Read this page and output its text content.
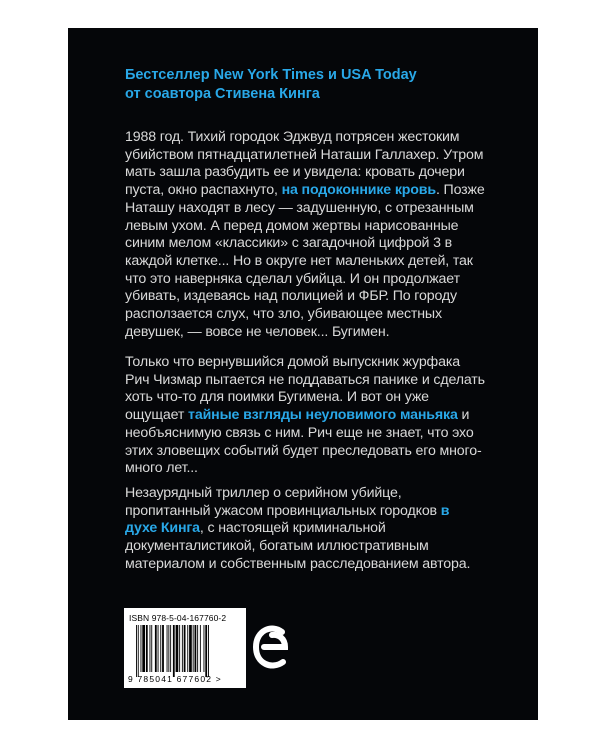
Бестселлер New York Times и USA Today
от соавтора Стивена Кинга
1988 год. Тихий городок Эджвуд потрясен жестоким убийством пятнадцатилетней Наташи Галлахер. Утром мать зашла разбудить ее и увидела: кровать дочери пуста, окно распахнуто, на подоконнике кровь. Позже Наташу находят в лесу — задушенную, с отрезанным левым ухом. А перед домом жертвы нарисованные синим мелом «классики» с загадочной цифрой 3 в каждой клетке... Но в округе нет маленьких детей, так что это наверняка сделал убийца. И он продолжает убивать, издеваясь над полицией и ФБР. По городу расползается слух, что зло, убивающее местных девушек, — вовсе не человек... Бугимен.
Только что вернувшийся домой выпускник журфака Рич Чизмар пытается не поддаваться панике и сделать хоть что-то для поимки Бугимена. И вот он уже ощущает тайные взгляды неуловимого маньяка и необъяснимую связь с ним. Рич еще не знает, что эхо этих зловещих событий будет преследовать его много-много лет...
Незаурядный триллер о серийном убийце, пропитанный ужасом провинциальных городков в духе Кинга, с настоящей криминальной документалистикой, богатым иллюстративным материалом и собственным расследованием автора.
ISBN 978-5-04-167760-2
9 785041 677602 >
